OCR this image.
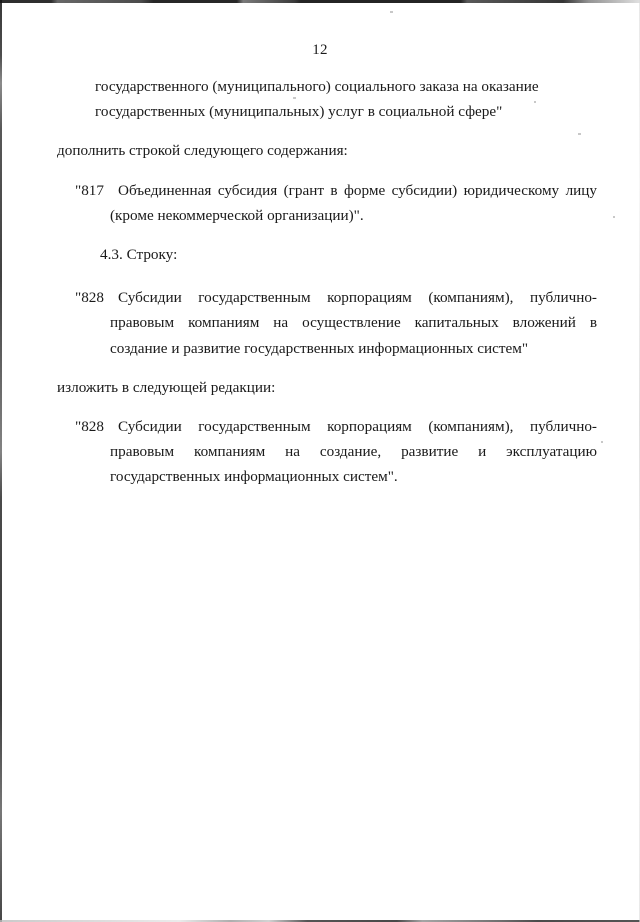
12

государственного (муниципального) социального заказа на оказание

государственных (муниципальных) услуг в социальной сфере"

дополнить строкой следующего содержания:

"817 Объединенная субсидия (грант в форме субсидии) юридическому лицу (кроме некоммерческой организации)".

4.3. Строку:

"828 Субсидии государственным корпорациям (компаниям), публично-правовым компаниям на осуществление капитальных вложений в создание и развитие государственных информационных систем"

изложить в следующей редакции:

"828 Субсидии государственным корпорациям (компаниям), публично-правовым компаниям на создание, развитие и эксплуатацию государственных информационных систем".
